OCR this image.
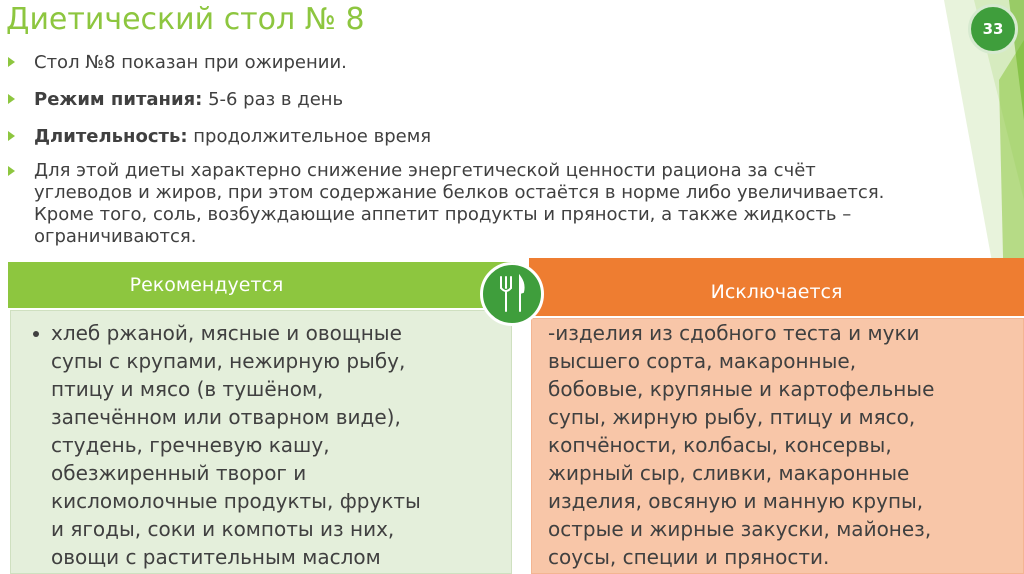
Диетический стол № 8	33
Стол №8 показан при ожирении.
Режим питания: 5-6 раз в день
Длительность: продолжительное время
Для этой диеты характерно снижение энергетической ценности рациона за счёт
углеводов и жиров, при этом содержание белков остаётся в норме либо увеличивается.
Кроме того, соль, возбуждающие аппетит продукты и пряности, а также жидкость –
ограничиваются.
Рекомендуется
хлеб ржаной, мясные и овощные
супы с крупами, нежирную рыбу,
птицу и мясо (в тушёном,
запечённом или отварном виде),
студень, гречневую кашу,
обезжиренный творог и
кисломолочные продукты, фрукты
и ягоды, соки и компоты из них,
овощи с растительным маслом
Исключается
-изделия из сдобного теста и муки
высшего сорта, макаронные,
бобовые, крупяные и картофельные
супы, жирную рыбу, птицу и мясо,
копчёности, колбасы, консервы,
жирный сыр, сливки, макаронные
изделия, овсяную и манную крупы,
острые и жирные закуски, майонез,
соусы, специи и пряности.
